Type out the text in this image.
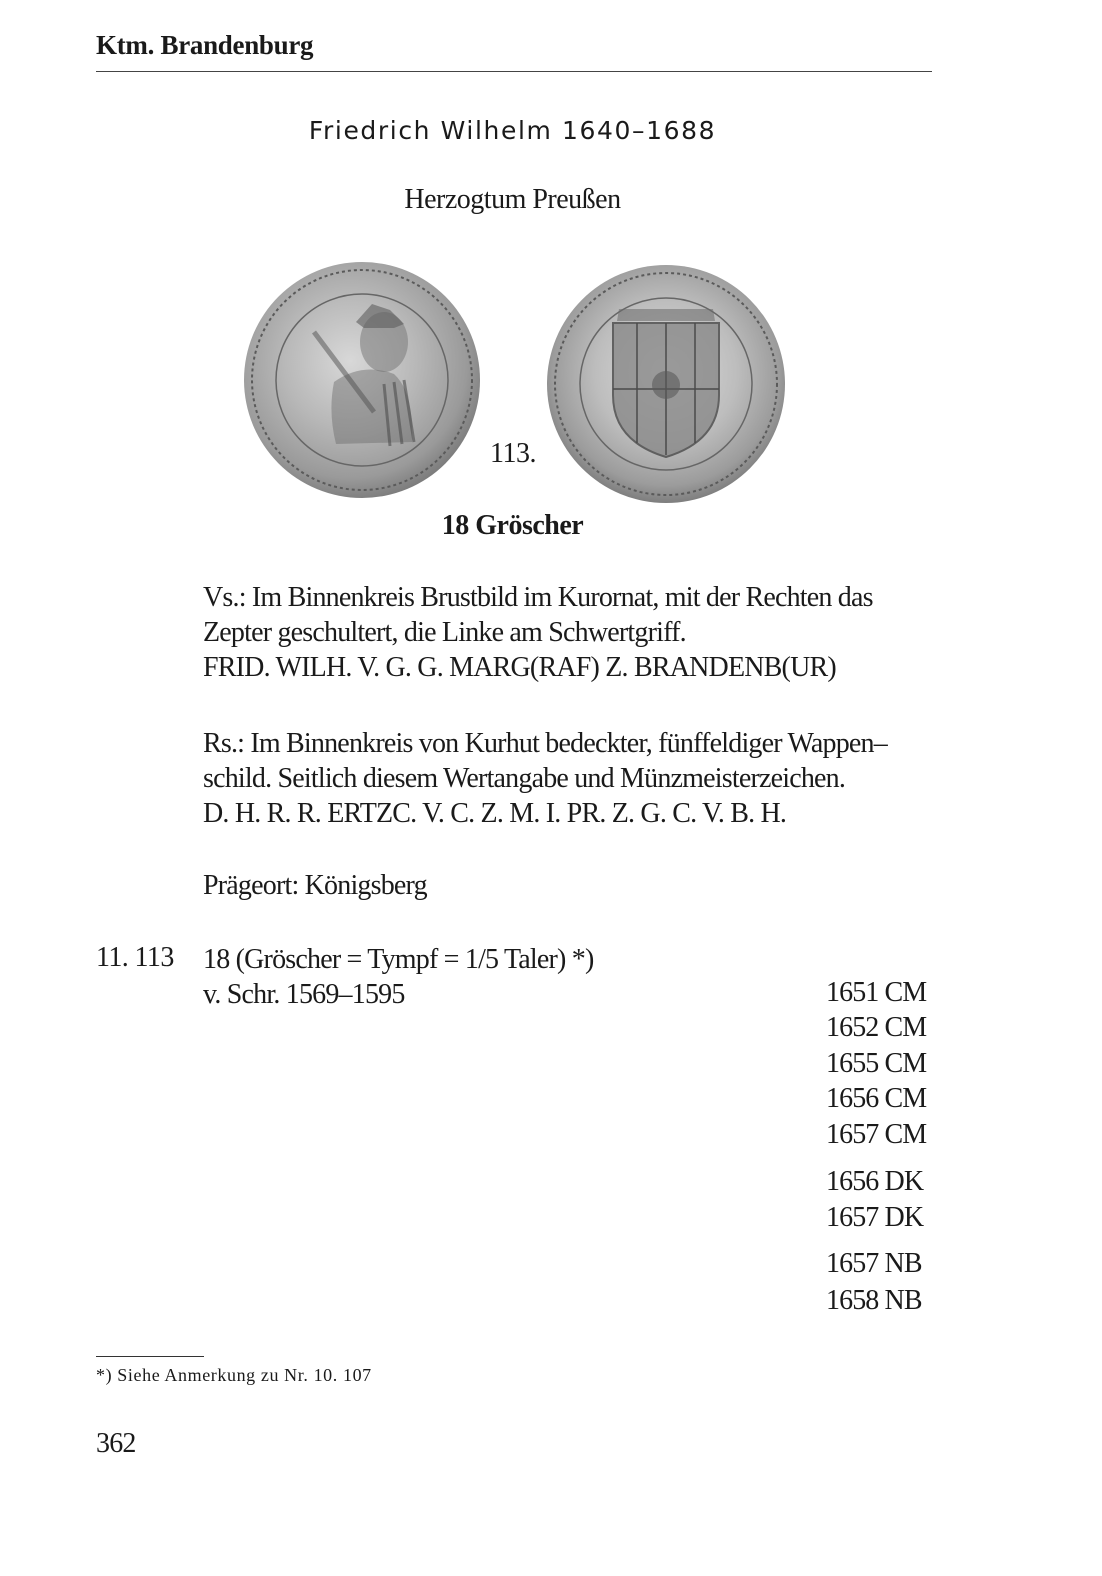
Ktm. Brandenburg
Friedrich Wilhelm 1640–1688
Herzogtum Preußen
113.
18 Gröscher
Vs.: Im Binnenkreis Brustbild im Kurornat, mit der Rechten das
Zepter geschultert, die Linke am Schwertgriff.
FRID. WILH. V. G. G. MARG(RAF) Z. BRANDENB(UR)
Rs.: Im Binnenkreis von Kurhut bedeckter, fünffeldiger Wappen–
schild. Seitlich diesem Wertangabe und Münzmeisterzeichen.
D. H. R. R. ERTZC. V. C. Z. M. I. PR. Z. G. C. V. B. H.
Prägeort: Königsberg
11. 113 18 (Gröscher = Tympf = 1/5 Taler) *)
v. Schr. 1569–1595	1651 CM
1652 CM
1655 CM
1656 CM
1657 CM
1656 DK
1657 DK
1657 NB
1658 NB
*) Siehe Anmerkung zu Nr. 10. 107
362
